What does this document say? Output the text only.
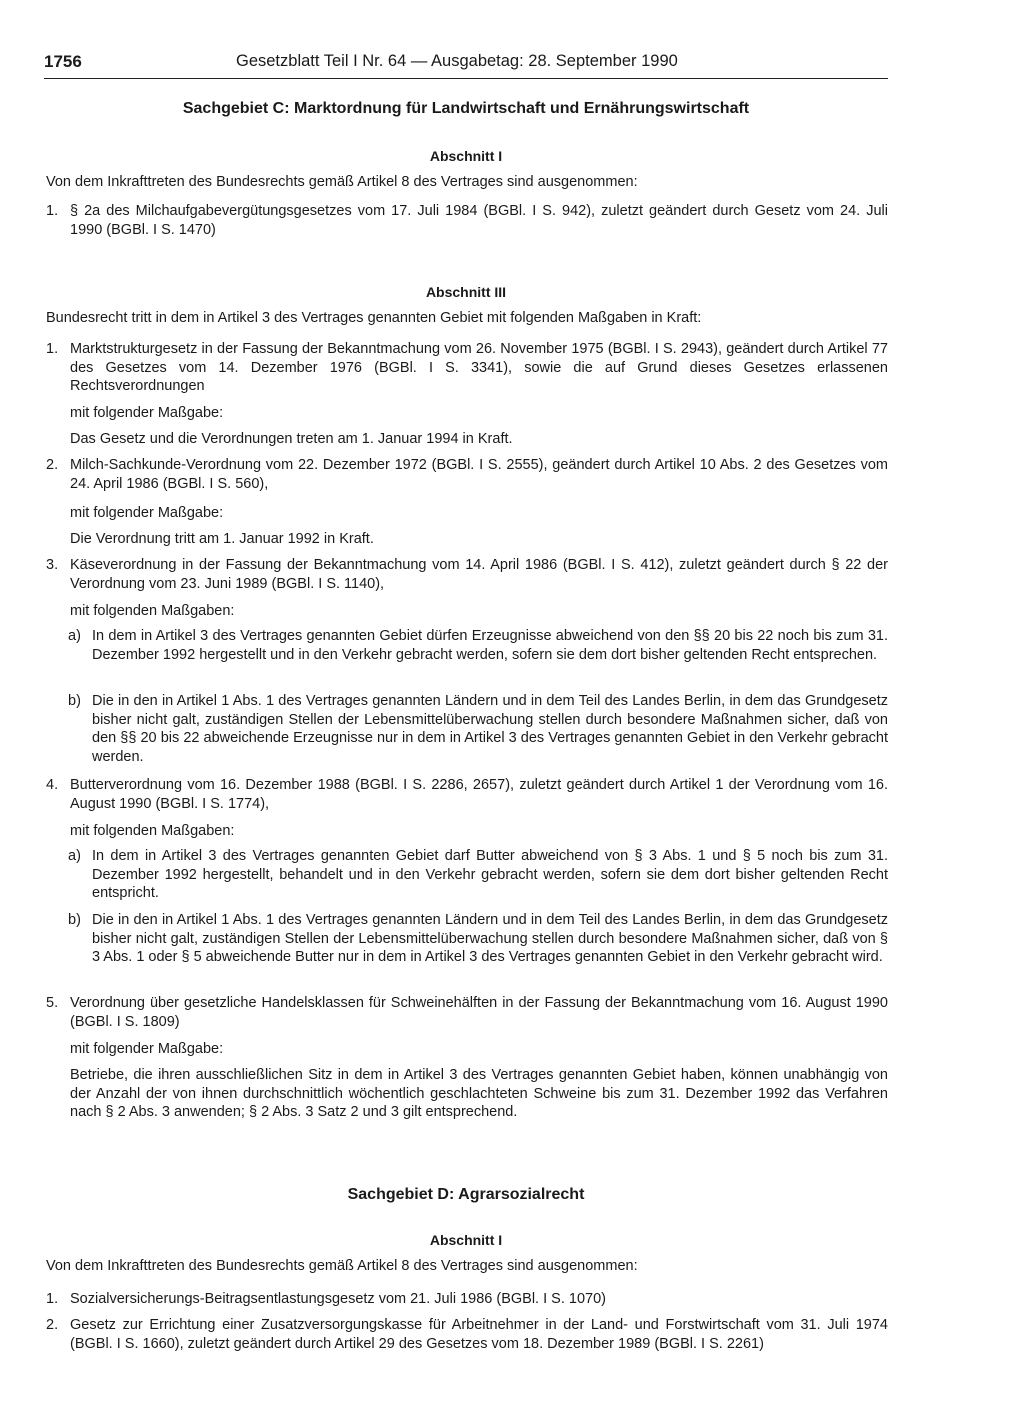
1756	Gesetzblatt Teil I Nr. 64 — Ausgabetag: 28. September 1990
Sachgebiet C: Marktordnung für Landwirtschaft und Ernährungswirtschaft
Abschnitt I
Von dem Inkrafttreten des Bundesrechts gemäß Artikel 8 des Vertrages sind ausgenommen:
1. § 2a des Milchaufgabevergütungsgesetzes vom 17. Juli 1984 (BGBl. I S. 942), zuletzt geändert durch Gesetz vom 24. Juli 1990 (BGBl. I S. 1470)
Abschnitt III
Bundesrecht tritt in dem in Artikel 3 des Vertrages genannten Gebiet mit folgenden Maßgaben in Kraft:
1. Marktstrukturgesetz in der Fassung der Bekanntmachung vom 26. November 1975 (BGBl. I S. 2943), geändert durch Artikel 77 des Gesetzes vom 14. Dezember 1976 (BGBl. I S. 3341), sowie die auf Grund dieses Gesetzes erlassenen Rechtsverordnungen
mit folgender Maßgabe:
Das Gesetz und die Verordnungen treten am 1. Januar 1994 in Kraft.
2. Milch-Sachkunde-Verordnung vom 22. Dezember 1972 (BGBl. I S. 2555), geändert durch Artikel 10 Abs. 2 des Gesetzes vom 24. April 1986 (BGBl. I S. 560),
mit folgender Maßgabe:
Die Verordnung tritt am 1. Januar 1992 in Kraft.
3. Käseverordnung in der Fassung der Bekanntmachung vom 14. April 1986 (BGBl. I S. 412), zuletzt geändert durch § 22 der Verordnung vom 23. Juni 1989 (BGBl. I S. 1140),
mit folgenden Maßgaben:
a) In dem in Artikel 3 des Vertrages genannten Gebiet dürfen Erzeugnisse abweichend von den §§ 20 bis 22 noch bis zum 31. Dezember 1992 hergestellt und in den Verkehr gebracht werden, sofern sie dem dort bisher geltenden Recht entsprechen.
b) Die in den in Artikel 1 Abs. 1 des Vertrages genannten Ländern und in dem Teil des Landes Berlin, in dem das Grundgesetz bisher nicht galt, zuständigen Stellen der Lebensmittelüberwachung stellen durch besondere Maßnahmen sicher, daß von den §§ 20 bis 22 abweichende Erzeugnisse nur in dem in Artikel 3 des Vertrages genannten Gebiet in den Verkehr gebracht werden.
4. Butterverordnung vom 16. Dezember 1988 (BGBl. I S. 2286, 2657), zuletzt geändert durch Artikel 1 der Verordnung vom 16. August 1990 (BGBl. I S. 1774),
mit folgenden Maßgaben:
a) In dem in Artikel 3 des Vertrages genannten Gebiet darf Butter abweichend von § 3 Abs. 1 und § 5 noch bis zum 31. Dezember 1992 hergestellt, behandelt und in den Verkehr gebracht werden, sofern sie dem dort bisher geltenden Recht entspricht.
b) Die in den in Artikel 1 Abs. 1 des Vertrages genannten Ländern und in dem Teil des Landes Berlin, in dem das Grundgesetz bisher nicht galt, zuständigen Stellen der Lebensmittelüberwachung stellen durch besondere Maßnahmen sicher, daß von § 3 Abs. 1 oder § 5 abweichende Butter nur in dem in Artikel 3 des Vertrages genannten Gebiet in den Verkehr gebracht wird.
5. Verordnung über gesetzliche Handelsklassen für Schweinehälften in der Fassung der Bekanntmachung vom 16. August 1990 (BGBl. I S. 1809)
mit folgender Maßgabe:
Betriebe, die ihren ausschließlichen Sitz in dem in Artikel 3 des Vertrages genannten Gebiet haben, können unabhängig von der Anzahl der von ihnen durchschnittlich wöchentlich geschlachteten Schweine bis zum 31. Dezember 1992 das Verfahren nach § 2 Abs. 3 anwenden; § 2 Abs. 3 Satz 2 und 3 gilt entsprechend.
Sachgebiet D: Agrarsozialrecht
Abschnitt I
Von dem Inkrafttreten des Bundesrechts gemäß Artikel 8 des Vertrages sind ausgenommen:
1. Sozialversicherungs-Beitragsentlastungsgesetz vom 21. Juli 1986 (BGBl. I S. 1070)
2. Gesetz zur Errichtung einer Zusatzversorgungskasse für Arbeitnehmer in der Land- und Forstwirtschaft vom 31. Juli 1974 (BGBl. I S. 1660), zuletzt geändert durch Artikel 29 des Gesetzes vom 18. Dezember 1989 (BGBl. I S. 2261)
